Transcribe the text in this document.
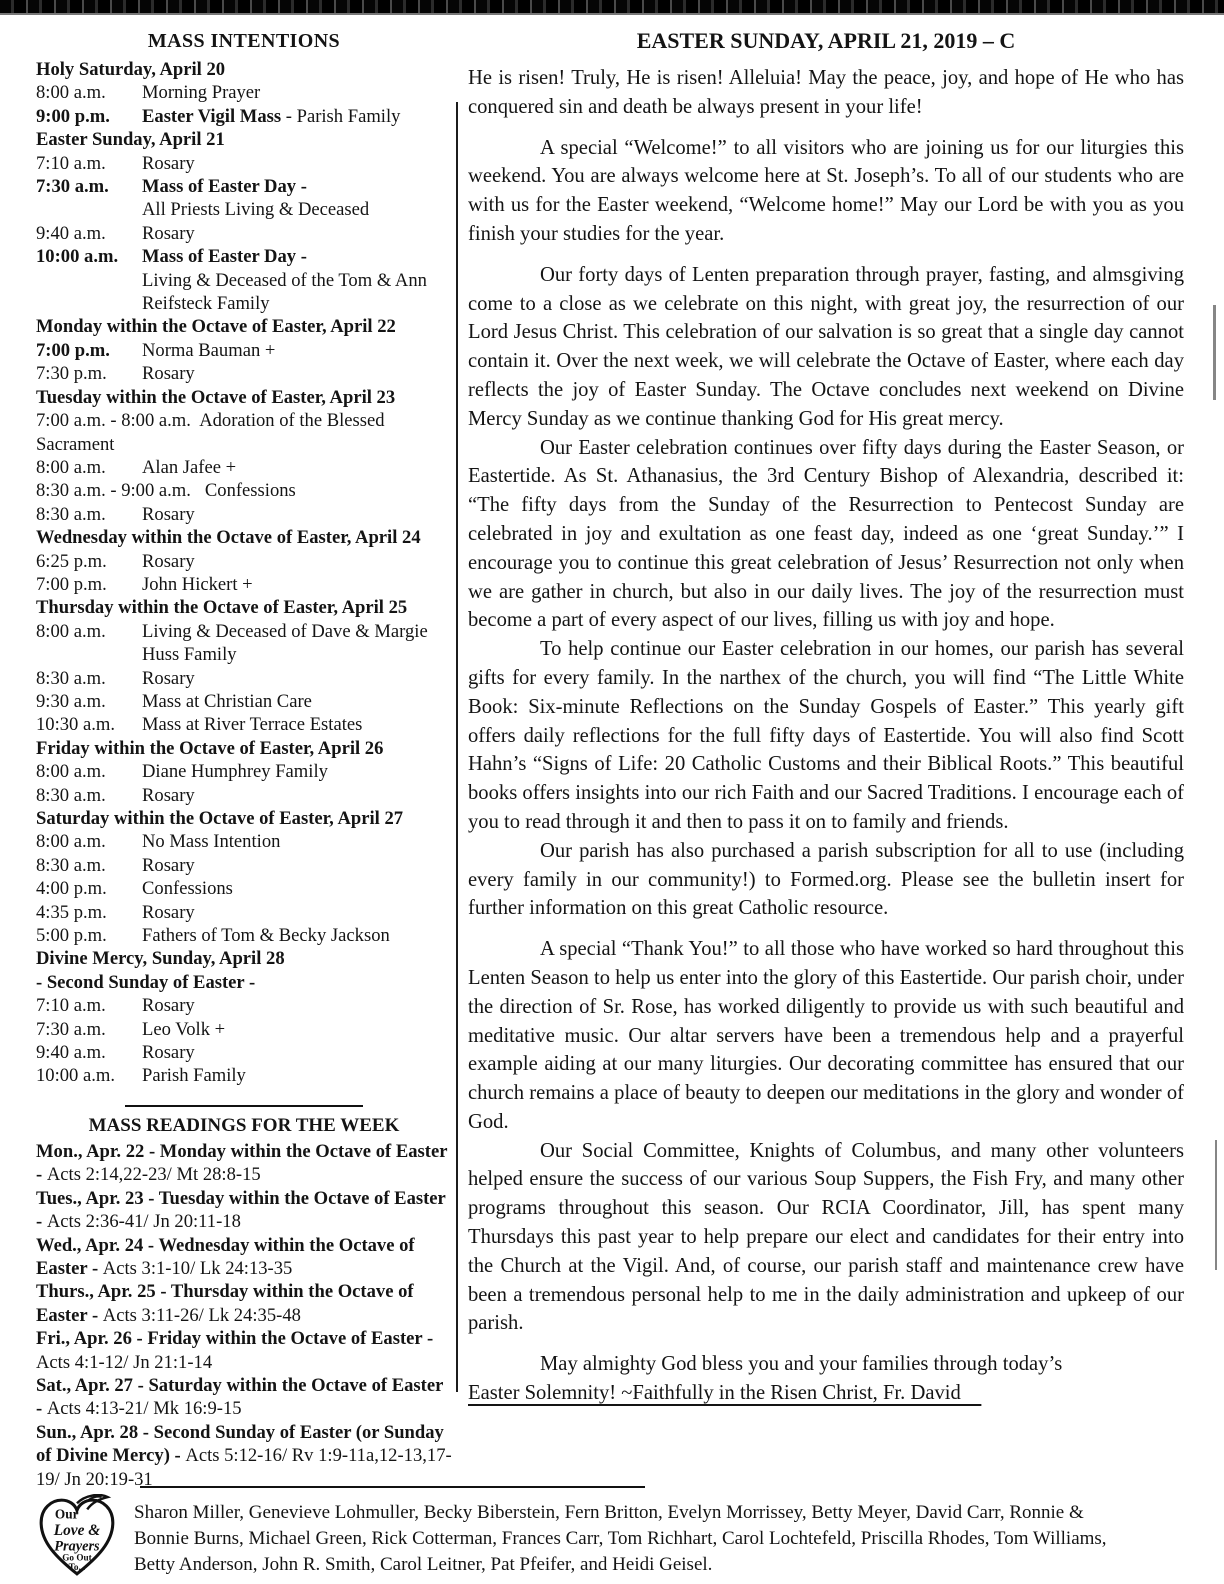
MASS INTENTIONS
Holy Saturday, April 20
8:00 a.m. Morning Prayer
9:00 p.m. Easter Vigil Mass - Parish Family
Easter Sunday, April 21
7:10 a.m. Rosary
7:30 a.m. Mass of Easter Day -
All Priests Living & Deceased
9:40 a.m. Rosary
10:00 a.m. Mass of Easter Day -
Living & Deceased of the Tom & Ann
Reifsteck Family
Monday within the Octave of Easter, April 22
7:00 p.m. Norma Bauman +
7:30 p.m. Rosary
Tuesday within the Octave of Easter, April 23
7:00 a.m. - 8:00 a.m.  Adoration of the Blessed
Sacrament
8:00 a.m. Alan Jafee +
8:30 a.m. - 9:00 a.m.   Confessions
8:30 a.m. Rosary
Wednesday within the Octave of Easter, April 24
6:25 p.m. Rosary
7:00 p.m. John Hickert +
Thursday within the Octave of Easter, April 25
8:00 a.m. Living & Deceased of Dave & Margie
Huss Family
8:30 a.m. Rosary
9:30 a.m. Mass at Christian Care
10:30 a.m. Mass at River Terrace Estates
Friday within the Octave of Easter, April 26
8:00 a.m. Diane Humphrey Family
8:30 a.m. Rosary
Saturday within the Octave of Easter, April 27
8:00 a.m. No Mass Intention
8:30 a.m. Rosary
4:00 p.m. Confessions
4:35 p.m. Rosary
5:00 p.m. Fathers of Tom & Becky Jackson
Divine Mercy, Sunday, April 28
- Second Sunday of Easter -
7:10 a.m. Rosary
7:30 a.m. Leo Volk +
9:40 a.m. Rosary
10:00 a.m. Parish Family
MASS READINGS FOR THE WEEK
Mon., Apr. 22 - Monday within the Octave of Easter - Acts 2:14,22-23/ Mt 28:8-15
Tues., Apr. 23 - Tuesday within the Octave of Easter - Acts 2:36-41/ Jn 20:11-18
Wed., Apr. 24 - Wednesday within the Octave of Easter - Acts 3:1-10/ Lk 24:13-35
Thurs., Apr. 25 - Thursday within the Octave of Easter - Acts 3:11-26/ Lk 24:35-48
Fri., Apr. 26 - Friday within the Octave of Easter - Acts 4:1-12/ Jn 21:1-14
Sat., Apr. 27 - Saturday within the Octave of Easter - Acts 4:13-21/ Mk 16:9-15
Sun., Apr. 28 - Second Sunday of Easter (or Sunday of Divine Mercy) - Acts 5:12-16/ Rv 1:9-11a,12-13,17-19/ Jn 20:19-31
EASTER SUNDAY, APRIL 21, 2019 – C

He is risen! Truly, He is risen! Alleluia! May the peace, joy, and hope of He who has conquered sin and death be always present in your life!

A special “Welcome!” to all visitors who are joining us for our liturgies this weekend. You are always welcome here at St. Joseph’s. To all of our students who are with us for the Easter weekend, “Welcome home!” May our Lord be with you as you finish your studies for the year.

Our forty days of Lenten preparation through prayer, fasting, and almsgiving come to a close as we celebrate on this night, with great joy, the resurrection of our Lord Jesus Christ. This celebration of our salvation is so great that a single day cannot contain it. Over the next week, we will celebrate the Octave of Easter, where each day reflects the joy of Easter Sunday. The Octave concludes next weekend on Divine Mercy Sunday as we continue thanking God for His great mercy.

Our Easter celebration continues over fifty days during the Easter Season, or Eastertide. As St. Athanasius, the 3rd Century Bishop of Alexandria, described it: “The fifty days from the Sunday of the Resurrection to Pentecost Sunday are celebrated in joy and exultation as one feast day, indeed as one ‘great Sunday.’” I encourage you to continue this great celebration of Jesus’ Resurrection not only when we are gather in church, but also in our daily lives. The joy of the resurrection must become a part of every aspect of our lives, filling us with joy and hope.

To help continue our Easter celebration in our homes, our parish has several gifts for every family. In the narthex of the church, you will find “The Little White Book: Six-minute Reflections on the Sunday Gospels of Easter.” This yearly gift offers daily reflections for the full fifty days of Eastertide. You will also find Scott Hahn’s “Signs of Life: 20 Catholic Customs and their Biblical Roots.” This beautiful books offers insights into our rich Faith and our Sacred Traditions. I encourage each of you to read through it and then to pass it on to family and friends.

Our parish has also purchased a parish subscription for all to use (including every family in our community!) to Formed.org. Please see the bulletin insert for further information on this great Catholic resource.

A special “Thank You!” to all those who have worked so hard throughout this Lenten Season to help us enter into the glory of this Eastertide. Our parish choir, under the direction of Sr. Rose, has worked diligently to provide us with such beautiful and meditative music. Our altar servers have been a tremendous help and a prayerful example aiding at our many liturgies. Our decorating committee has ensured that our church remains a place of beauty to deepen our meditations in the glory and wonder of God.

Our Social Committee, Knights of Columbus, and many other volunteers helped ensure the success of our various Soup Suppers, the Fish Fry, and many other programs throughout this season. Our RCIA Coordinator, Jill, has spent many Thursdays this past year to help prepare our elect and candidates for their entry into the Church at the Vigil. And, of course, our parish staff and maintenance crew have been a tremendous personal help to me in the daily administration and upkeep of our parish.

May almighty God bless you and your families through today’s
Easter Solemnity! ~Faithfully in the Risen Christ, Fr. David

Our
Love &
Prayers
Go Out
To...
Sharon Miller, Genevieve Lohmuller, Becky Biberstein, Fern Britton, Evelyn Morrissey, Betty Meyer, David Carr, Ronnie &
Bonnie Burns, Michael Green, Rick Cotterman, Frances Carr, Tom Richhart, Carol Lochtefeld, Priscilla Rhodes, Tom Williams,
Betty Anderson, John R. Smith, Carol Leitner, Pat Pfeifer, and Heidi Geisel.
